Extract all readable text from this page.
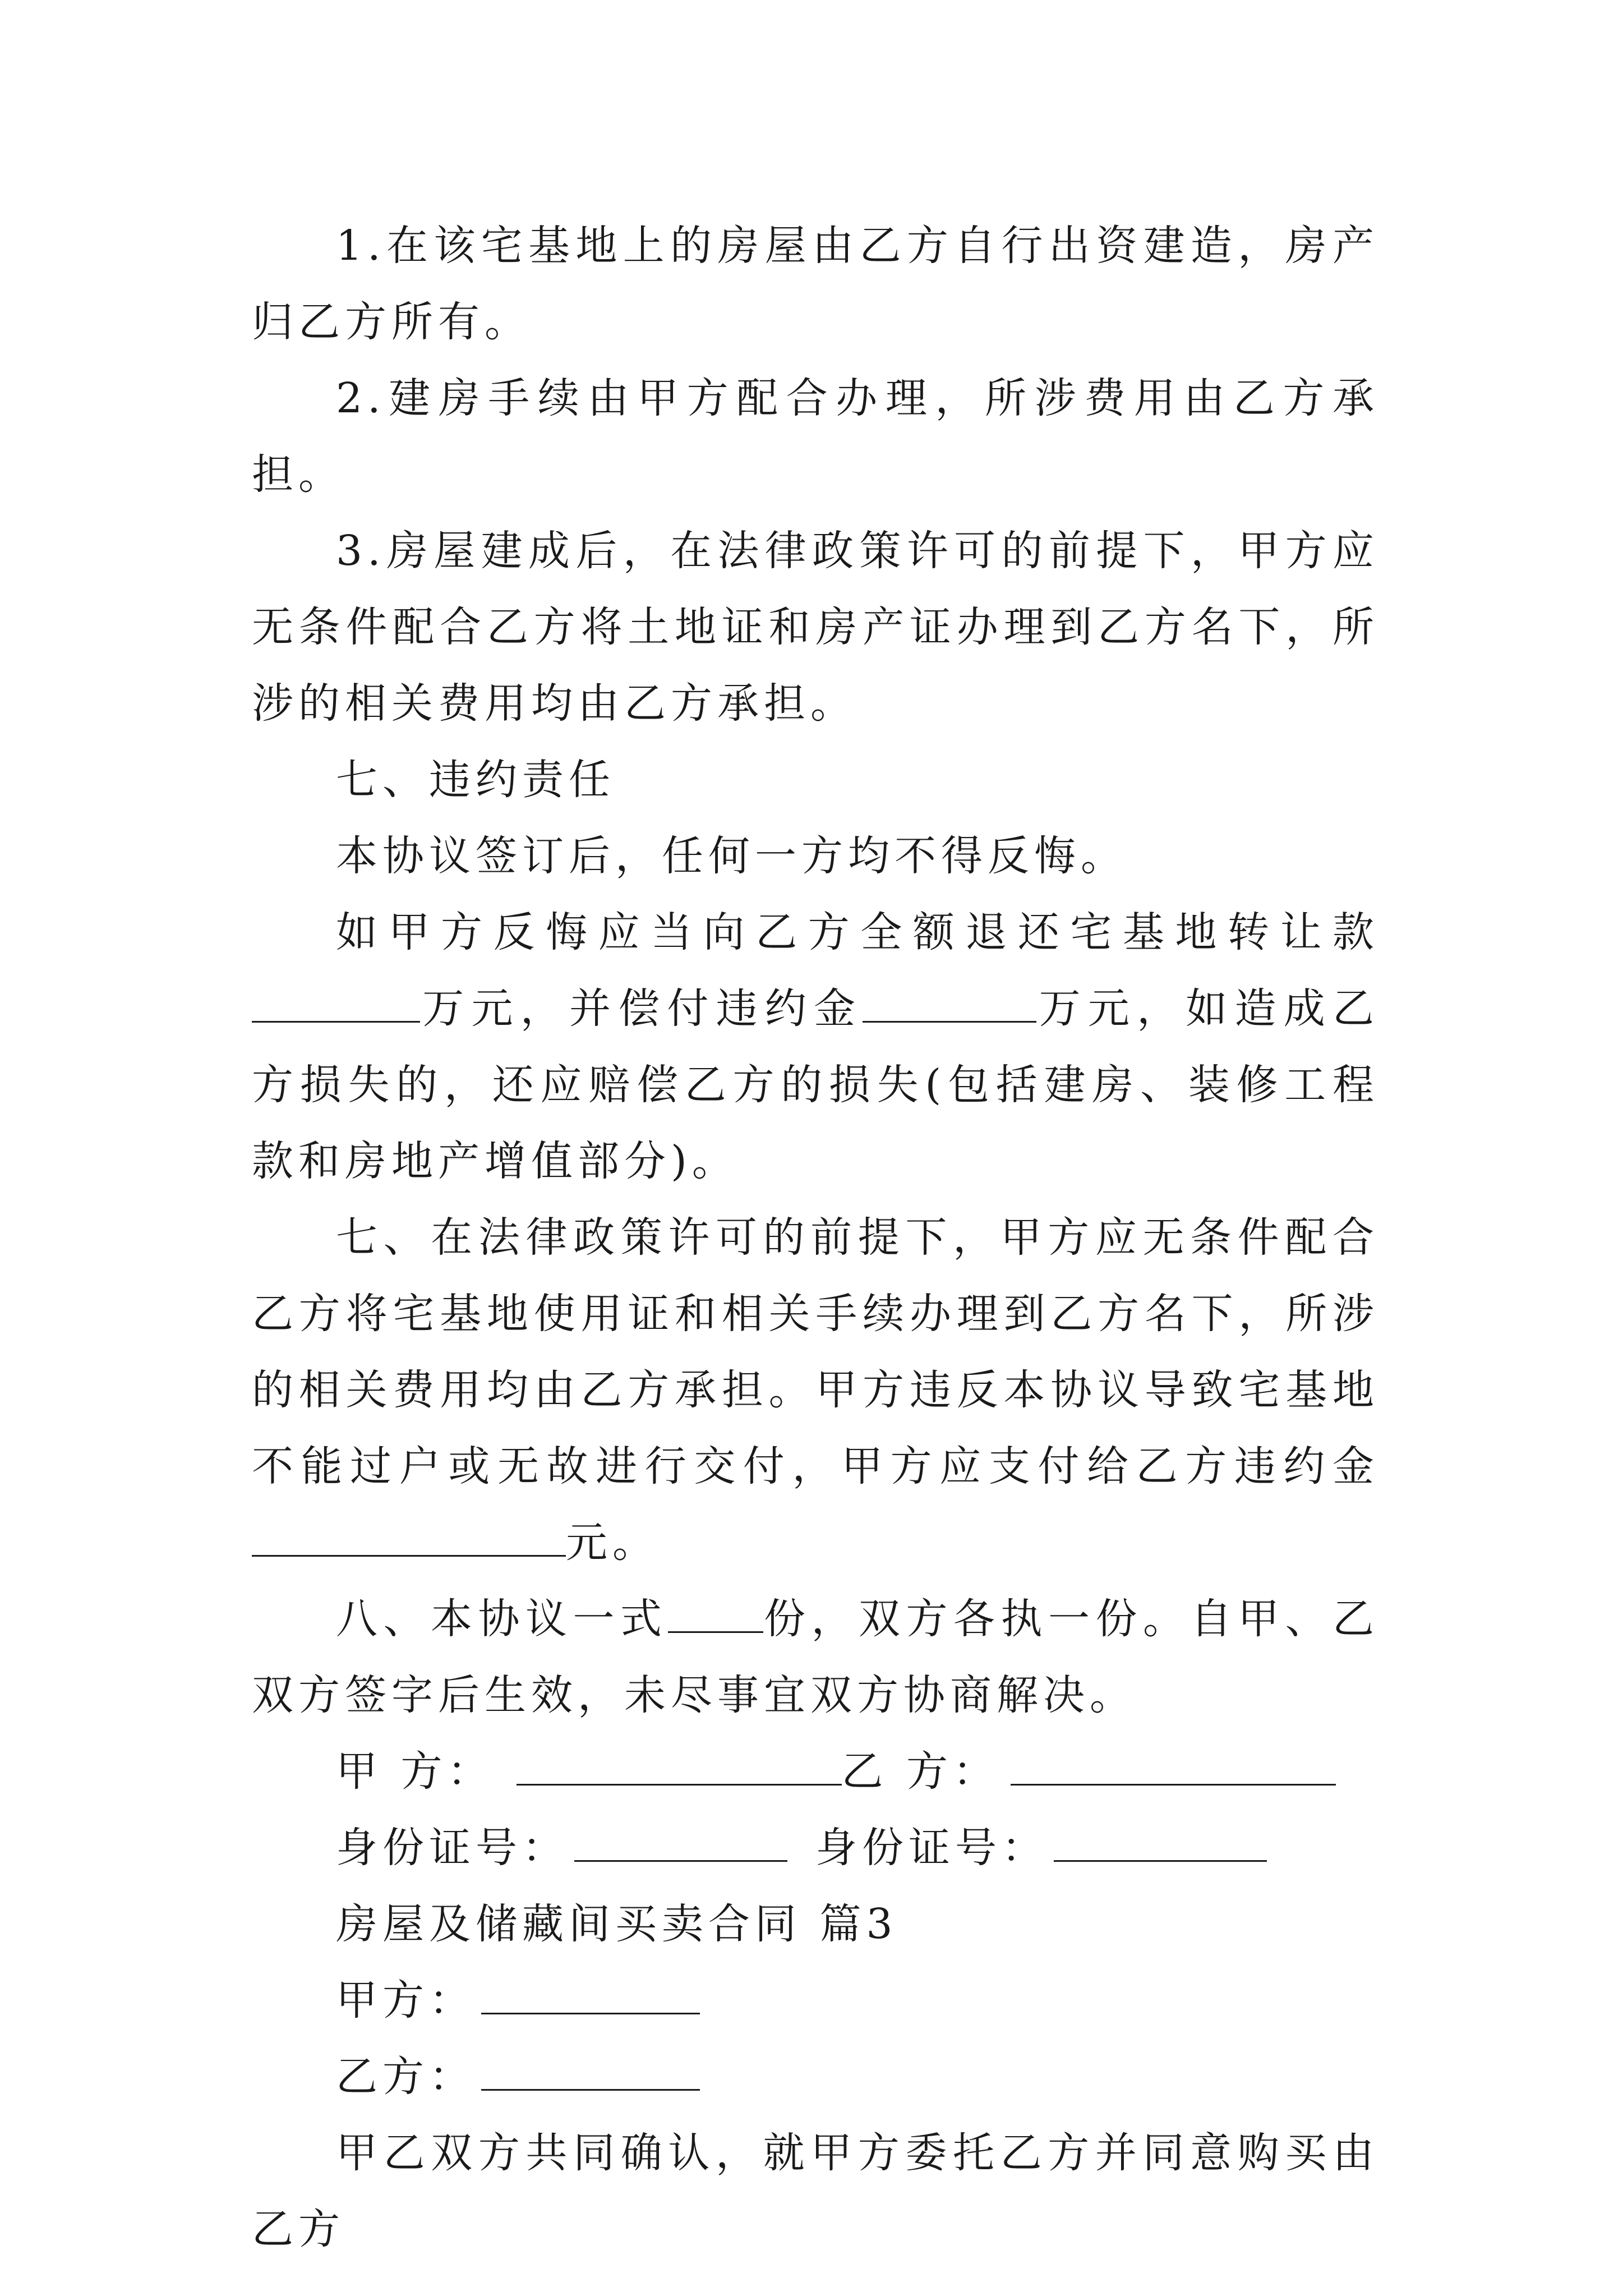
1.在该宅基地上的房屋由乙方自行出资建造，房产归乙方所有。

2.建房手续由甲方配合办理，所涉费用由乙方承担。

3.房屋建成后，在法律政策许可的前提下，甲方应无条件配合乙方将土地证和房产证办理到乙方名下，所涉的相关费用均由乙方承担。

七、违约责任

本协议签订后，任何一方均不得反悔。

如甲方反悔应当向乙方全额退还宅基地转让款万元，并偿付违约金	万元，如造成乙方损失的，还应赔偿乙方的损失(包括建房、装修工程款和房地产增值部分)。

七、在法律政策许可的前提下，甲方应无条件配合乙方将宅基地使用证和相关手续办理到乙方名下，所涉的相关费用均由乙方承担。甲方违反本协议导致宅基地不能过户或无故进行交付，甲方应支付给乙方违约金元。

八、本协议一式 份，双方各执一份。自甲、乙双方签字后生效，未尽事宜双方协商解决。

甲 方：	乙 方：
身份证号：	身份证号：

房屋及储藏间买卖合同 篇3

甲方：
乙方：

甲乙双方共同确认，就甲方委托乙方并同意购买由乙方
